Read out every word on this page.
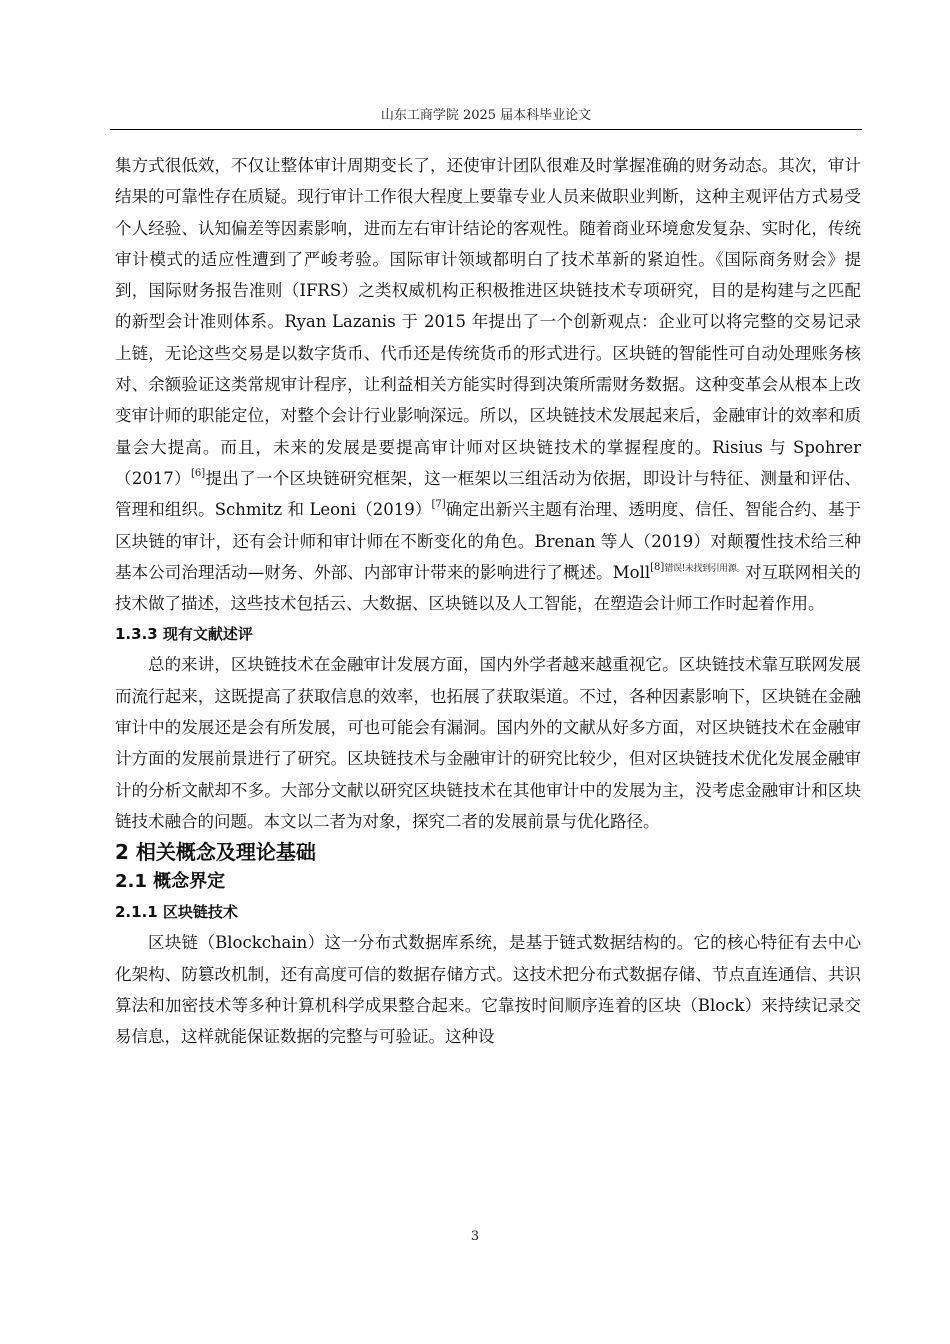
山东工商学院 2025 届本科毕业论文

集方式很低效，不仅让整体审计周期变长了，还使审计团队很难及时掌握准确的财务动态。其次，审计结果的可靠性存在质疑。现行审计工作很大程度上要靠专业人员来做职业判断，这种主观评估方式易受个人经验、认知偏差等因素影响，进而左右审计结论的客观性。随着商业环境愈发复杂、实时化，传统审计模式的适应性遭到了严峻考验。国际审计领域都明白了技术革新的紧迫性。《国际商务财会》提到，国际财务报告准则（IFRS）之类权威机构正积极推进区块链技术专项研究，目的是构建与之匹配的新型会计准则体系。Ryan Lazanis 于 2015 年提出了一个创新观点：企业可以将完整的交易记录上链，无论这些交易是以数字货币、代币还是传统货币的形式进行。区块链的智能性可自动处理账务核对、余额验证这类常规审计程序，让利益相关方能实时得到决策所需财务数据。这种变革会从根本上改变审计师的职能定位，对整个会计行业影响深远。所以，区块链技术发展起来后，金融审计的效率和质量会大提高。而且，未来的发展是要提高审计师对区块链技术的掌握程度的。Risius 与 Spohrer（2017）[6]提出了一个区块链研究框架，这一框架以三组活动为依据，即设计与特征、测量和评估、管理和组织。Schmitz 和 Leoni（2019）[7]确定出新兴主题有治理、透明度、信任、智能合约、基于区块链的审计，还有会计师和审计师在不断变化的角色。Brenan 等人（2019）对颠覆性技术给三种基本公司治理活动—财务、外部、内部审计带来的影响进行了概述。Moll$^{[8]错误!未找到引用源。}$对互联网相关的技术做了描述，这些技术包括云、大数据、区块链以及人工智能，在塑造会计师工作时起着作用。

1.3.3 现有文献述评

总的来讲，区块链技术在金融审计发展方面，国内外学者越来越重视它。区块链技术靠互联网发展而流行起来，这既提高了获取信息的效率，也拓展了获取渠道。不过，各种因素影响下，区块链在金融审计中的发展还是会有所发展，可也可能会有漏洞。国内外的文献从好多方面，对区块链技术在金融审计方面的发展前景进行了研究。区块链技术与金融审计的研究比较少，但对区块链技术优化发展金融审计的分析文献却不多。大部分文献以研究区块链技术在其他审计中的发展为主，没考虑金融审计和区块链技术融合的问题。本文以二者为对象，探究二者的发展前景与优化路径。

2 相关概念及理论基础

2.1 概念界定

2.1.1 区块链技术

区块链（Blockchain）这一分布式数据库系统，是基于链式数据结构的。它的核心特征有去中心化架构、防篡改机制，还有高度可信的数据存储方式。这技术把分布式数据存储、节点直连通信、共识算法和加密技术等多种计算机科学成果整合起来。它靠按时间顺序连着的区块（Block）来持续记录交易信息，这样就能保证数据的完整与可验证。这种设

3
